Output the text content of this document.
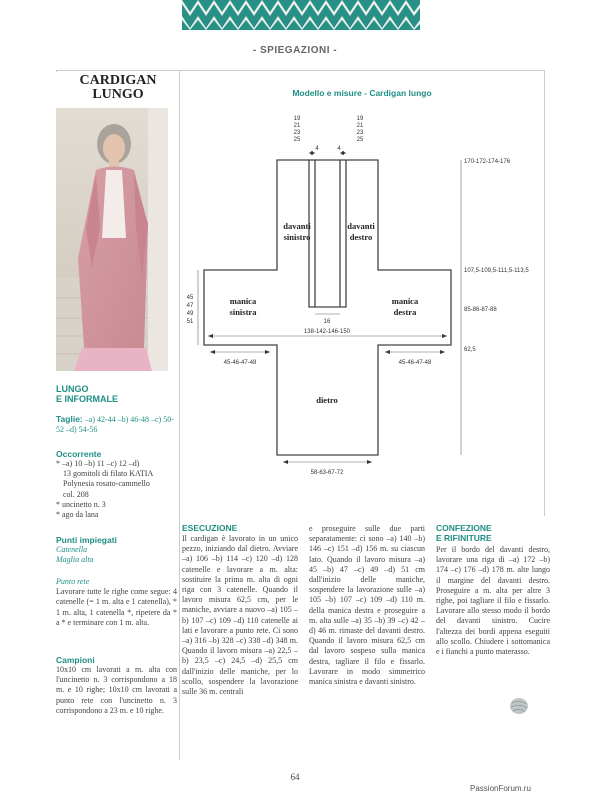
- SPIEGAZIONI -
CARDIGAN
LUNGO
LUNGO
E INFORMALE
Taglie: –a) 42-44 –b) 46-48 –c) 50-52 –d) 54-56
Occorrente
* –a) 10 –b) 11 –c) 12 –d)
13 gomitoli di filato KATIA
Polynesia rosato-cammello
col. 208
* uncinetto n. 3
* ago da lana
Punti impiegati
Catenella
Maglia alta
Punto rete
Lavorare tutte le righe come segue: 4 catenelle (= 1 m. alta e 1 catenella), * 1 m. alta, 1 catenella *, ripetere da * a * e terminare con 1 m. alta.
Campioni
10x10 cm lavorati a m. alta con l'uncinetto n. 3 corrispondono a 18 m. e 10 righe; 10x10 cm lavorati a punto rete con l'uncinetto n. 3 corrispondono a 23 m. e 10 righe.
Modello e misure - Cardigan lungo
19
21
23
25
19
21
23
25
4	4
16
davanti
sinistro
davanti
destro
manica
sinistra
manica
destra
dietro
170-172-174-176
107,5-109,5-111,5-113,5
85-86-87-88
62,5
45
47
49
51
138-142-146-150
45-46-47-48	45-46-47-48
58-63-67-72
ESECUZIONE
Il cardigan è lavorato in un unico pezzo, iniziando dal dietro. Avviare –a) 106 –b) 114 –c) 120 –d) 128 catenelle e lavorare a m. alta: sostituire la prima m. alta di ogni riga con 3 catenelle. Quando il lavoro misura 62,5 cm, per le maniche, avviare a nuovo –a) 105 –b) 107 –c) 109 –d) 110 catenelle ai lati e lavorare a punto rete. Ci sono –a) 316 –b) 328 –c) 338 –d) 348 m. Quando il lavoro misura –a) 22,5 –b) 23,5 –c) 24,5 –d) 25,5 cm dall'inizio delle maniche, per lo scollo, sospendere la lavorazione sulle 36 m. centrali
e proseguire sulle due parti separatamente: ci sono –a) 140 –b) 146 –c) 151 –d) 156 m. su ciascun lato. Quando il lavoro misura –a) 45 –b) 47 –c) 49 –d) 51 cm dall'inizio delle maniche, sospendere la lavorazione sulle –a) 105 –b) 107 –c) 109 –d) 110 m. della manica destra e proseguire a m. alta sulle –a) 35 –b) 39 –c) 42 –d) 46 m. rimaste del davanti destro. Quando il lavoro misura 62,5 cm dal lavoro sospeso sulla manica destra, tagliare il filo e fissarlo. Lavorare in modo simmetrico manica sinistra e davanti sinistro.
CONFEZIONE
E RIFINITURE
Per il bordo del davanti destro, lavorare una riga di –a) 172 –b) 174 –c) 176 –d) 178 m. alte lungo il margine del davanti destro. Proseguire a m. alta per altre 3 righe, poi tagliare il filo e fissarlo. Lavorare allo stesso modo il bordo del davanti sinistro. Cucire l'altezza dei bordi appena eseguiti allo scollo. Chiudere i sottomanica e i fianchi a punto materasso.
64
PassionForum.ru
